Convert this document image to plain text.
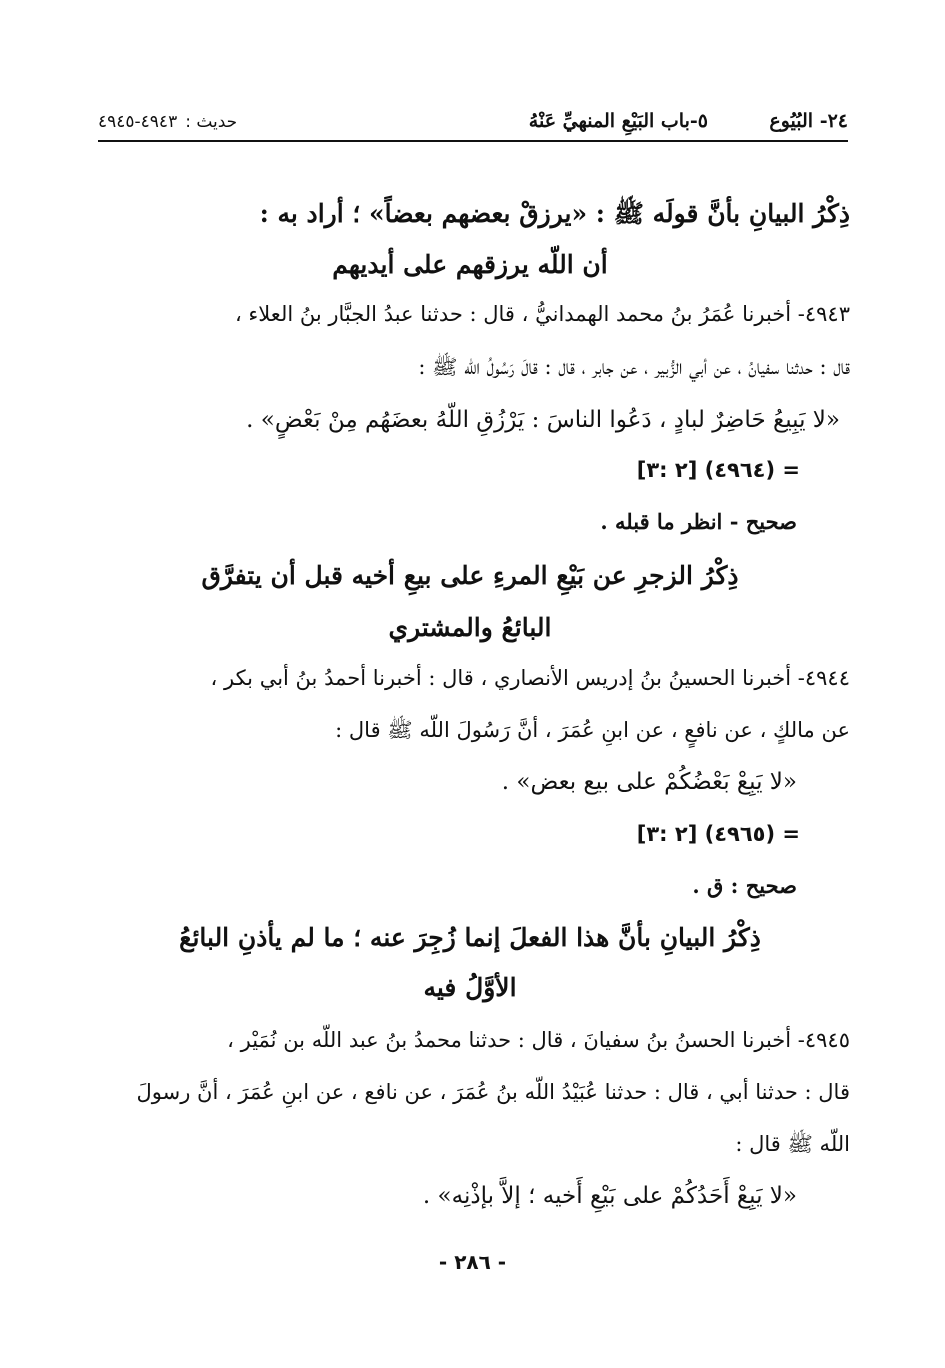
٢٤- البُيُوع
٥-باب البَيْعِ المنهيِّ عَنْهُ
حديث :٤٩٤٣-٤٩٤٥
ذِكْرُ البيانِ بأنَّ قولَه ﷺ : «يرزقْ بعضهم بعضاً» ؛ أراد به :
أن اللّه يرزقهم على أيديهم
٤٩٤٣- أخبرنا عُمَرُ بنُ محمد الهمدانيُّ ، قال : حدثنا عبدُ الجبَّار بنُ العلاء ،
قال : حدثنا سفيانُ ، عن أبي الزُّبير ، عن جابر ، قال : قالَ رَسُولُ اللّه ﷺ :
«لا يَبِيعُ حَاضِرٌ لبادٍ ، دَعُوا الناسَ : يَرْزُقِ اللّهُ بعضَهُم مِنْ بَعْضٍ» .
= (٤٩٦٤) [٢ :٣]
صحيح - انظر ما قبله .
ذِكْرُ الزجرِ عن بَيْعِ المرءِ على بيعِ أخيه قبل أن يتفرَّق
البائعُ والمشتري
٤٩٤٤- أخبرنا الحسينُ بنُ إدريس الأنصاري ، قال : أخبرنا أحمدُ بنُ أبي بكر ،
عن مالكٍ ، عن نافعٍ ، عن ابنِ عُمَرَ ، أنَّ رَسُولَ اللّه ﷺ قال :
«لا يَبِعْ بَعْضُكُمْ على بيع بعض» .
= (٤٩٦٥) [٢ :٣]
صحيح : ق .
ذِكْرُ البيانِ بأنَّ هذا الفعلَ إنما زُجِرَ عنه ؛ ما لم يأذنِ البائعُ
الأوَّلُ فيه
٤٩٤٥- أخبرنا الحسنُ بنُ سفيانَ ، قال : حدثنا محمدُ بنُ عبد اللّه بن نُمَيْر ،
قال : حدثنا أبي ، قال : حدثنا عُبَيْدُ اللّه بنُ عُمَرَ ، عن نافع ، عن ابنِ عُمَرَ ، أنَّ رسولَ
اللّه ﷺ قال :
«لا يَبِعْ أَحَدُكُمْ على بَيْعِ أَخيه ؛ إلاَّ بإذْنِه» .
- ٢٨٦ -
